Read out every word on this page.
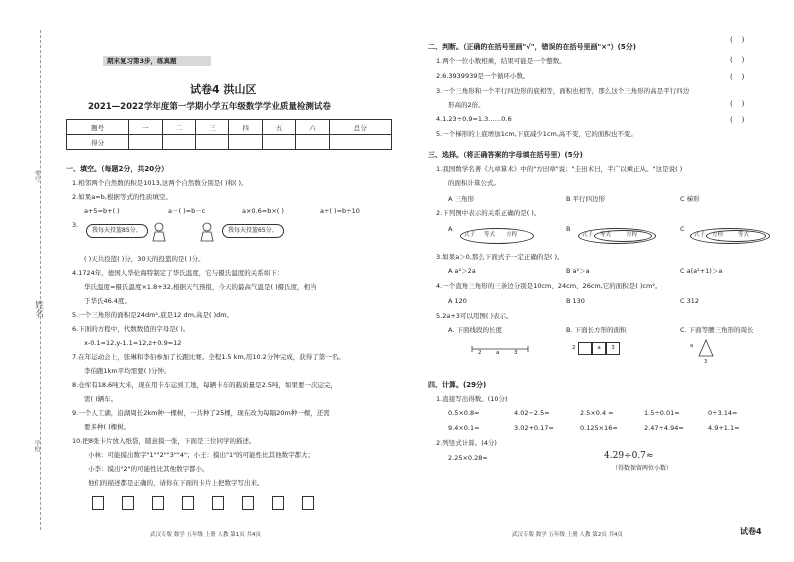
考号
姓名
学校
期末复习第3步，练真题
试卷4 洪山区
2021—2022学年度第一学期小学五年级数学学业质量检测试卷
题号	一	二	三	四	五	六	总分
得分							
一、填空。（每题2分，共20分）
1.相邻两个自然数的积是1013,这两个自然数分别是( )和( )。
2.如果a=b,根据等式的性质填空。
a+5=b+( )	a－( )=b－c	a×0.6=b×( )	a÷( )=b÷10
3.
我每天投篮85分。	我每天投篮65分。
( )天共投篮( )分，30天的投篮的是( )分。
4.1724年，德国人华伦海特制定了华氏温度，它与摄氏温度的关系如下：
华氏温度=摄氏温度×1.8+32,根据天气预报，今天的最高气温是( )摄氏度，相当
于华氏46.4度。
5.一个三角形的面积是24dm²,底是12 dm,高是( )dm。
6.下面的方程中，代数数值的字母是( )。
x-0.1=12,y-1.1=12,z+0.9=12
7.在年运动会上，张琳和李伯参加了长跑比赛。全程1.5 km,用10.2分钟完成，获得了第一名。
李伯跑1km平均需要( )分钟。
8.仓库有18.6吨大米，现在用卡车运到工地，每辆卡车的载质量是2.5吨，如果要一次运完，
需( )辆车。
9.一个人工湖，沿湖周长2km种一棵树，一共种了25棵，现在改为每隔20m种一棵，还需
要多种( )棵树。
10.把8张卡片放入纸袋，随意摸一张，下面是三位同学的描述。
小林：可能摸出数字"1""2""3""4"；小王：摸出"1"的可能性比其他数字都大；
小李：摸出"2"的可能性比其他数字都小。
他们的描述都是正确的，请你在下面的卡片上把数字写出来。
武汉专版 数学 五年级 上册 人教 第1页 共4页
二、判断。（正确的在括号里画"√"，错误的在括号里画"×"）(5分)
(    )
1.两个一位小数相乘，结果可能是一个整数。	(    )
2.6.3939939是一个循环小数。	(    )
3.一个三角形和一个平行四边形的底相等，面积也相等，那么这个三角形的高是平行四边
形高的2倍。	(    )
4.1.23÷0.9=1.3……0.6	(    )
5.一个梯形的上底增加1cm,下底减少1cm,高不变，它的面积也不变。
三、选择。（将正确答案的字母填在括号里）(5分)
1.我国数学名著《九章算术》中的"方田章"说："圭田术曰，半广以乘正从。"这是说( )
的面积计算公式。
A 三角形	B 平行四边形	C 梯形
2.下列图中表示的关系正确的是( )。
A
式子 等式 方程
B
式子 等式	方程
C
式子 方程	等式
3.如果a＞0,那么下面式子一定正确的是( )。
A a²＞2a	B a²＞a	C a(a²+1)＞a
4.一个直角三角形的三条边分别是10cm、24cm、26cm,它的面积是( )cm²。
A 120	B 130	C 312
5.2a+3可以用图( )表示。
A. 下面线段的长度	B. 下面长方形的面积	C. 下面等腰三角形的周长
2	a	3
2	a	3	a
3
四、计算。(29分)
1.直接写出得数。(10分)
0.5×0.8=	4.02−2.5=	2.5×0.4 =	1.5÷0.01=	0÷3.14=
9.4×0.1=	3.02+0.17=	0.125×16=	2.47÷4.94=	4.9+1.1=
2.列竖式计算。(4分)
2.25×0.28=	4.29÷0.7≈
（得数保留两位小数）
武汉专版 数学 五年级 上册 人教 第2页 共4页	试卷4
